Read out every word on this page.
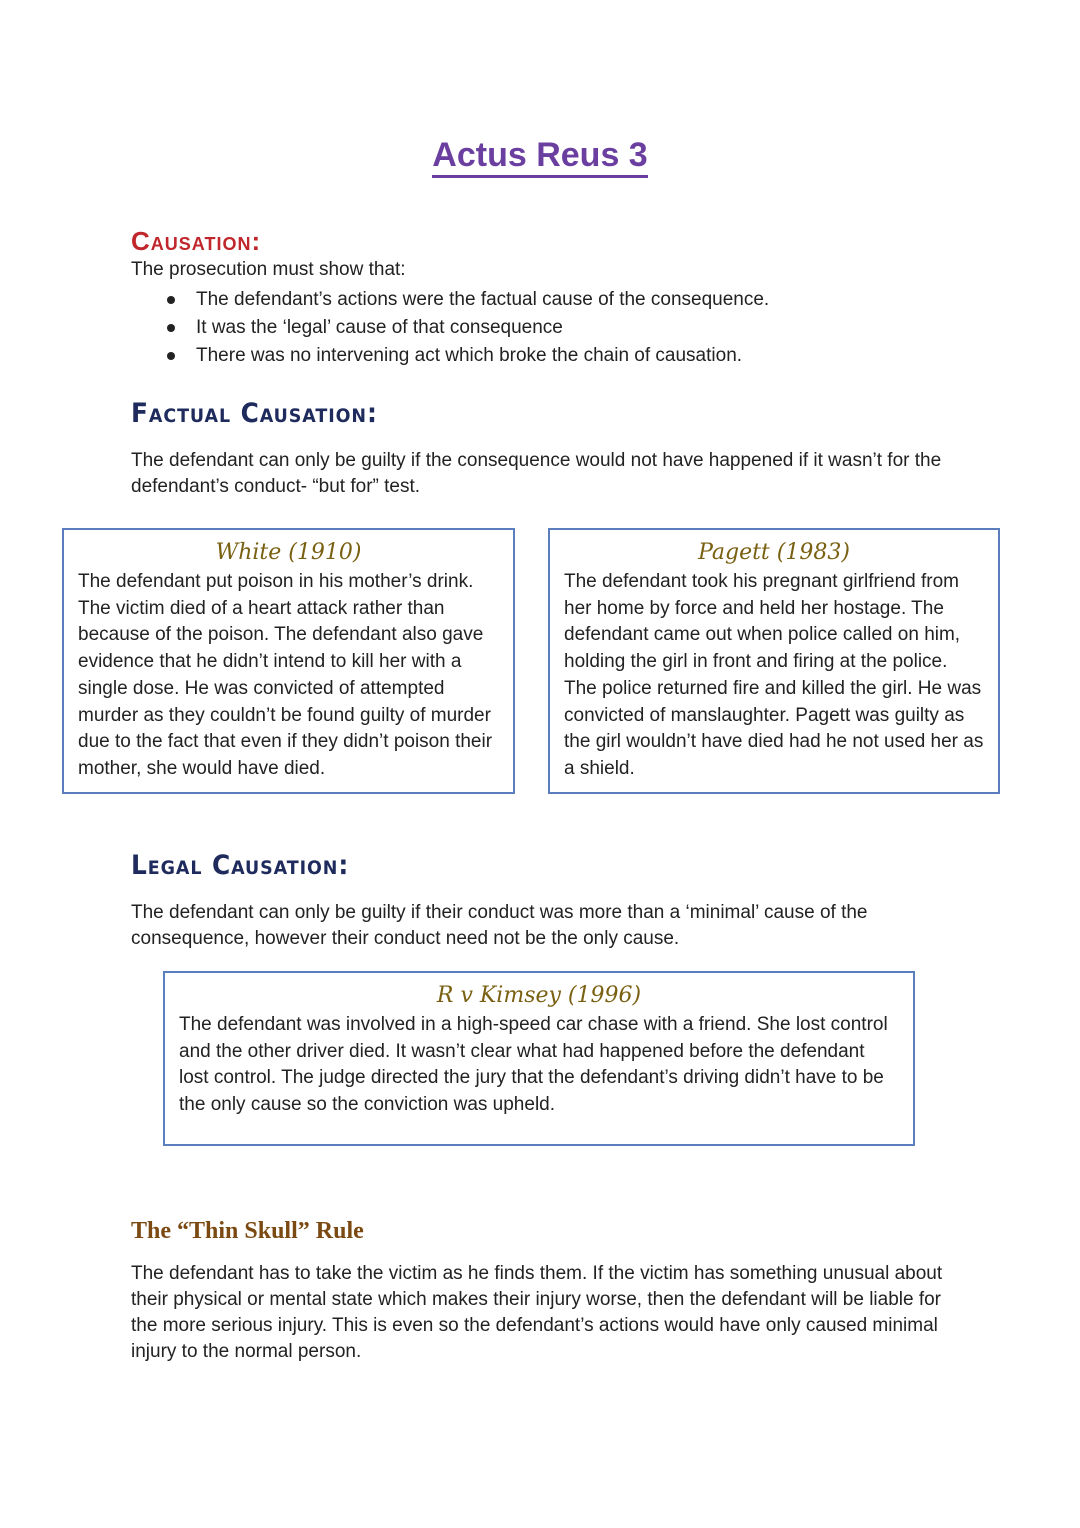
Actus Reus 3
Causation:

The prosecution must show that:

The defendant’s actions were the factual cause of the consequence.
It was the ‘legal’ cause of that consequence
There was no intervening act which broke the chain of causation.
Factual Causation:

The defendant can only be guilty if the consequence would not have happened if it wasn’t for the defendant’s conduct- “but for” test.

White (1910)

The defendant put poison in his mother’s drink. The victim died of a heart attack rather than because of the poison. The defendant also gave evidence that he didn’t intend to kill her with a single dose. He was convicted of attempted murder as they couldn’t be found guilty of murder due to the fact that even if they didn’t poison their mother, she would have died.

Pagett (1983)

The defendant took his pregnant girlfriend from her home by force and held her hostage. The defendant came out when police called on him, holding the girl in front and firing at the police. The police returned fire and killed the girl. He was convicted of manslaughter. Pagett was guilty as the girl wouldn’t have died had he not used her as a shield.

Legal Causation:

The defendant can only be guilty if their conduct was more than a ‘minimal’ cause of the consequence, however their conduct need not be the only cause.

R v Kimsey (1996)

The defendant was involved in a high-speed car chase with a friend. She lost control and the other driver died. It wasn’t clear what had happened before the defendant lost control. The judge directed the jury that the defendant’s driving didn’t have to be the only cause so the conviction was upheld.

The “Thin Skull” Rule

The defendant has to take the victim as he finds them. If the victim has something unusual about their physical or mental state which makes their injury worse, then the defendant will be liable for the more serious injury. This is even so the defendant’s actions would have only caused minimal injury to the normal person.
